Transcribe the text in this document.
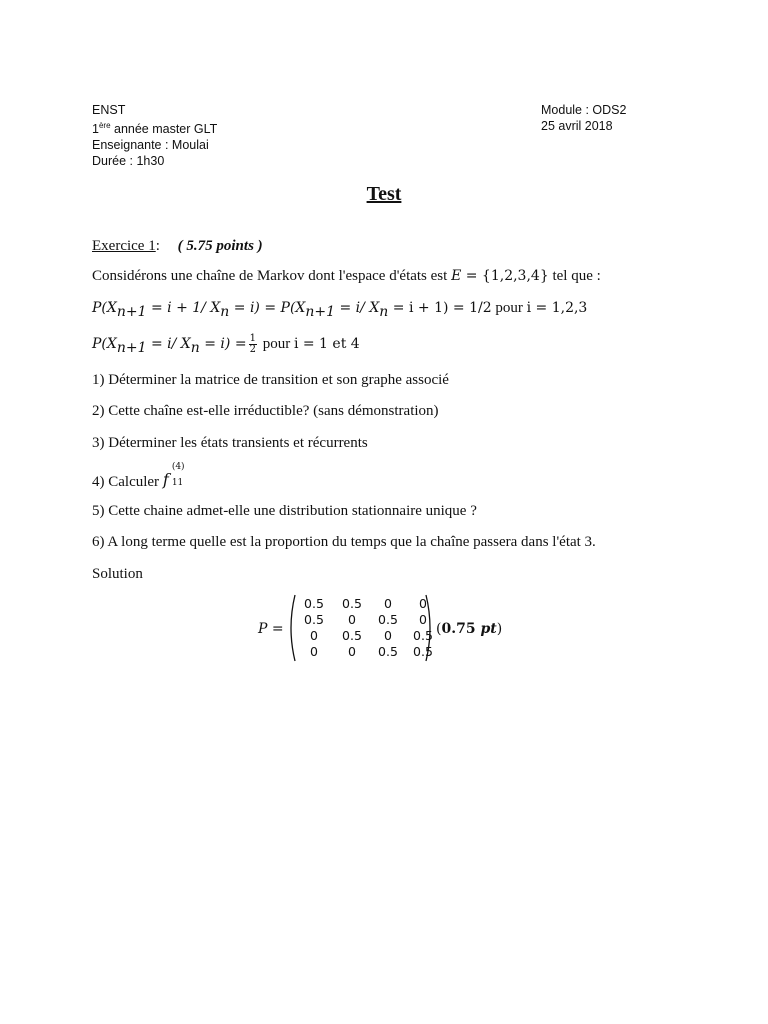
ENST
1ère année master GLT
Enseignante : Moulai
Durée : 1h30
Module : ODS2
25 avril 2018
Test
Exercice 1: ( 5.75 points )
Considérons une chaîne de Markov dont l'espace d'états est E = {1,2,3,4} tel que :
$P(X_{n+1} = i + 1/$ $X_n = i) = P(X_{n+1} = i/$ $X_n = i + 1) = 1/2$ pour i = 1,2,3
$P(X_{n+1} = i/$ $X_n = i) = \frac{1}{2}$ pour i = 1 et 4
1) Déterminer la matrice de transition et son graphe associé
2) Cette chaîne est-elle irréductible? (sans démonstration)
3) Déterminer les états transients et récurrents
4) Calculer f
(4)
11
5) Cette chaine admet-elle une distribution stationnaire unique ?
6) A long terme quelle est la proportion du temps que la chaîne passera dans l'état 3.
Solution
P =
0.5	0.5	0	0
0.5	0	0.5	0
0	0.5	0	0.5
0	0	0.5	0.5
(0.75 pt)
